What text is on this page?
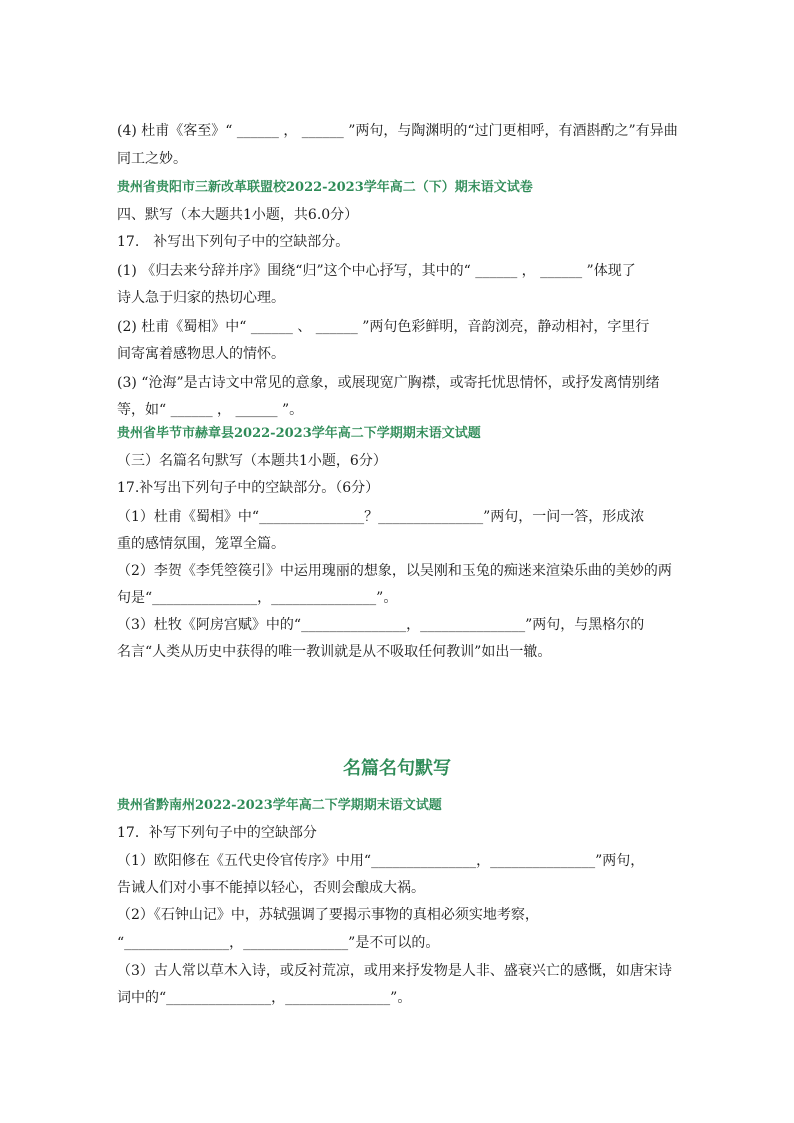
(4) 杜甫《客至》“ ______ ， ______ ”两句，与陶渊明的“过门更相呼，有酒斟酌之”有异曲
同工之妙。
贵州省贵阳市三新改革联盟校2022-2023学年高二（下）期末语文试卷
四、默写（本大题共1小题，共6.0分）
17.　补写出下列句子中的空缺部分。
(1) 《归去来兮辞并序》围绕“归”这个中心抒写，其中的“ ______ ， ______ ”体现了
诗人急于归家的热切心理。
(2) 杜甫《蜀相》中“ ______ 、 ______ ”两句色彩鲜明，音韵浏亮，静动相衬，字里行
间寄寓着感物思人的情怀。
(3) “沧海”是古诗文中常见的意象，或展现宽广胸襟，或寄托忧思情怀，或抒发离情别绪
等，如“ ______ ， ______ ”。
贵州省毕节市赫章县2022-2023学年高二下学期期末语文试题
（三）名篇名句默写（本题共1小题，6分）
17.补写出下列句子中的空缺部分。（6分）
（1）杜甫《蜀相》中“_______________？_______________”两句，一问一答，形成浓
重的感情氛围，笼罩全篇。
（2）李贺《李凭箜篌引》中运用瑰丽的想象，以吴刚和玉兔的痴迷来渲染乐曲的美妙的两
句是“_______________，_______________”。
（3）杜牧《阿房宫赋》中的“_______________，_______________”两句，与黑格尔的
名言“人类从历史中获得的唯一教训就是从不吸取任何教训”如出一辙。
名篇名句默写
贵州省黔南州2022-2023学年高二下学期期末语文试题
17．补写下列句子中的空缺部分
（1）欧阳修在《五代史伶官传序》中用“_______________，_______________”两句，
告诫人们对小事不能掉以轻心，否则会酿成大祸。
（2）《石钟山记》中，苏轼强调了要揭示事物的真相必须实地考察，
“_______________，_______________”是不可以的。
（3）古人常以草木入诗，或反衬荒凉，或用来抒发物是人非、盛衰兴亡的感慨，如唐宋诗
词中的“_______________，_______________”。
